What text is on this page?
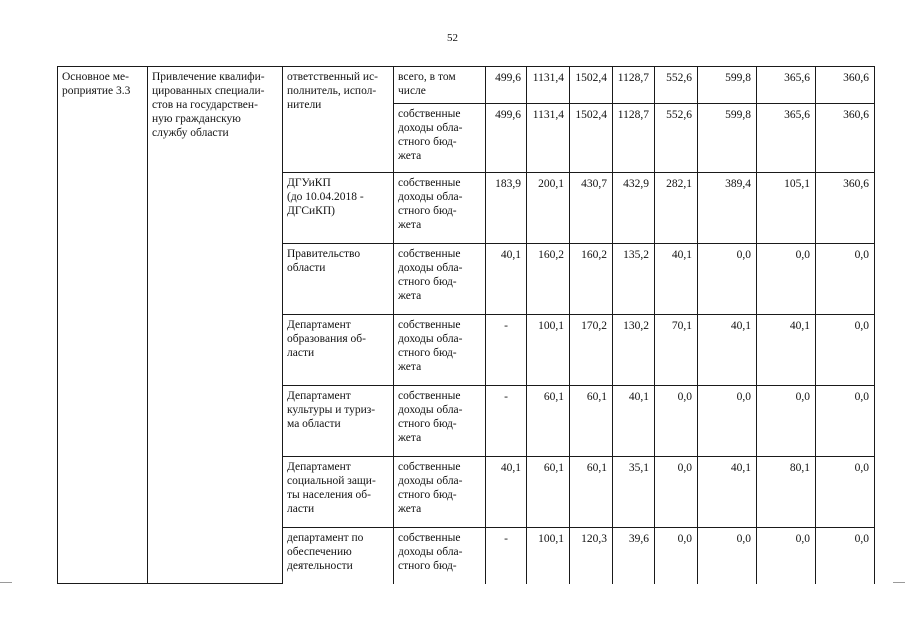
52
Основное ме-
роприятие 3.3	Привлечение квалифи-
цированных специали-
стов на государствен-
ную гражданскую
службу области	ответственный ис-
полнитель, испол-
нители	всего, в том
числе	499,6	1131,4	1502,4	1128,7	552,6	599,8	365,6	360,6

			собственные
доходы обла-
стного бюд-
жета	499,6	1131,4	1502,4	1128,7	552,6	599,8	365,6	360,6

		ДГУиКП
(до 10.04.2018 -
ДГСиКП)	собственные
доходы обла-
стного бюд-
жета	183,9	200,1	430,7	432,9	282,1	389,4	105,1	360,6

		Правительство
области	собственные
доходы обла-
стного бюд-
жета	40,1	160,2	160,2	135,2	40,1	0,0	0,0	0,0

		Департамент
образования об-
ласти	собственные
доходы обла-
стного бюд-
жета	-	100,1	170,2	130,2	70,1	40,1	40,1	0,0

		Департамент
культуры и туриз-
ма области	собственные
доходы обла-
стного бюд-
жета	-	60,1	60,1	40,1	0,0	0,0	0,0	0,0

		Департамент
социальной защи-
ты населения об-
ласти	собственные
доходы обла-
стного бюд-
жета	40,1	60,1	60,1	35,1	0,0	40,1	80,1	0,0

		департамент по
обеспечению
деятельности	собственные
доходы обла-
стного бюд-	-	100,1	120,3	39,6	0,0	0,0	0,0	0,0
